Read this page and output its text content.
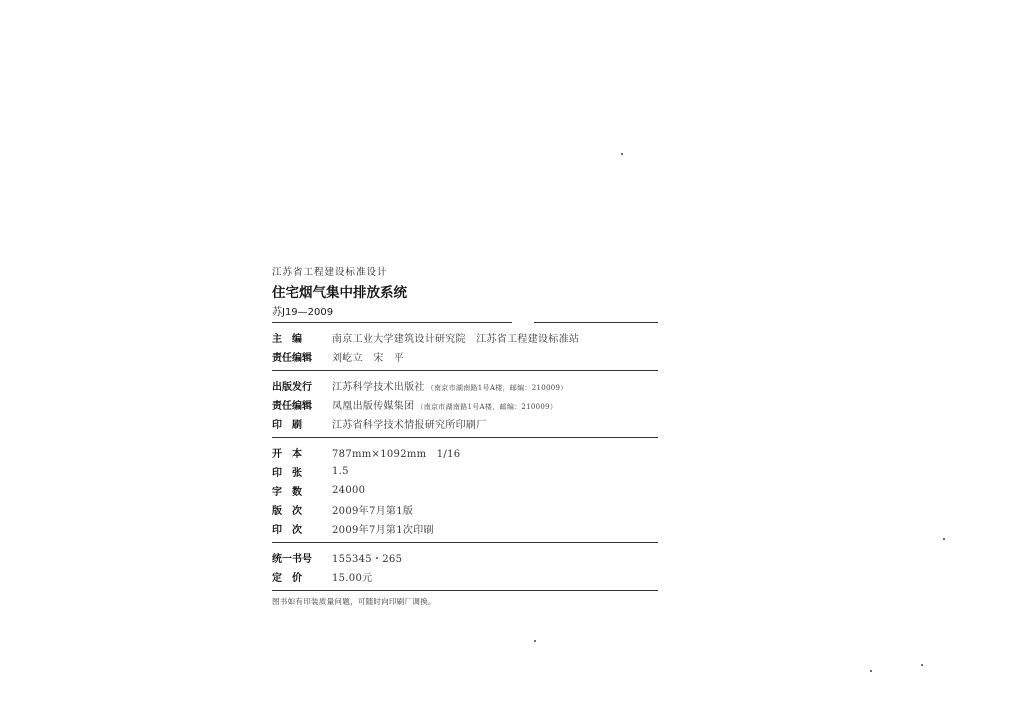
江苏省工程建设标准设计
住宅烟气集中排放系统
苏J19—2009
主　编	南京工业大学建筑设计研究院　江苏省工程建设标准站
责任编辑	刘屹立　宋　平
出版发行	江苏科学技术出版社 （南京市湖南路1号A楼，邮编：210009）
责任编辑	凤凰出版传媒集团 （南京市湖南路1号A楼，邮编：210009）
印　刷	江苏省科学技术情报研究所印刷厂
开　本	787mm×1092mm　1/16
印　张	1.5
字　数	24000
版　次	2009年7月第1版
印　次	2009年7月第1次印刷
统一书号	155345・265
定　价	15.00元
图书如有印装质量问题，可随时向印刷厂调换。
